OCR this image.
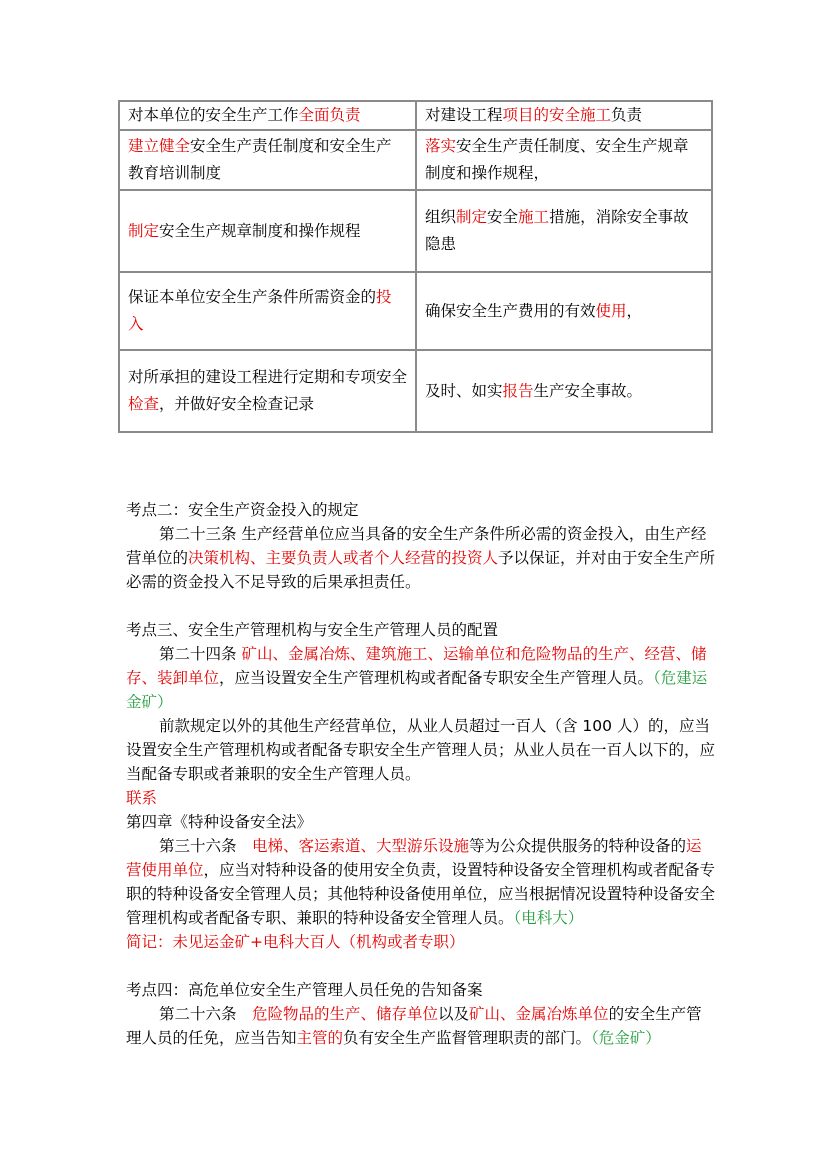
对本单位的安全生产工作全面负责	对建设工程项目的安全施工负责
建立健全安全生产责任制度和安全生产教育培训制度	落实安全生产责任制度、安全生产规章制度和操作规程，
制定安全生产规章制度和操作规程	组织制定安全施工措施，消除安全事故隐患
保证本单位安全生产条件所需资金的投入	确保安全生产费用的有效使用，
对所承担的建设工程进行定期和专项安全检查，并做好安全检查记录	及时、如实报告生产安全事故。

考点二：安全生产资金投入的规定

第二十三条 生产经营单位应当具备的安全生产条件所必需的资金投入，由生产经营单位的决策机构、主要负责人或者个人经营的投资人予以保证，并对由于安全生产所必需的资金投入不足导致的后果承担责任。

考点三、安全生产管理机构与安全生产管理人员的配置

第二十四条 矿山、金属冶炼、建筑施工、运输单位和危险物品的生产、经营、储存、装卸单位，应当设置安全生产管理机构或者配备专职安全生产管理人员。（危建运金矿）

前款规定以外的其他生产经营单位，从业人员超过一百人（含 100 人）的，应当设置安全生产管理机构或者配备专职安全生产管理人员；从业人员在一百人以下的，应当配备专职或者兼职的安全生产管理人员。

联系

第四章《特种设备安全法》

第三十六条　电梯、客运索道、大型游乐设施等为公众提供服务的特种设备的运营使用单位，应当对特种设备的使用安全负责，设置特种设备安全管理机构或者配备专职的特种设备安全管理人员；其他特种设备使用单位，应当根据情况设置特种设备安全管理机构或者配备专职、兼职的特种设备安全管理人员。（电科大）

简记：未见运金矿+电科大百人（机构或者专职）

考点四：高危单位安全生产管理人员任免的告知备案

第二十六条　危险物品的生产、储存单位以及矿山、金属冶炼单位的安全生产管理人员的任免，应当告知主管的负有安全生产监督管理职责的部门。（危金矿）
